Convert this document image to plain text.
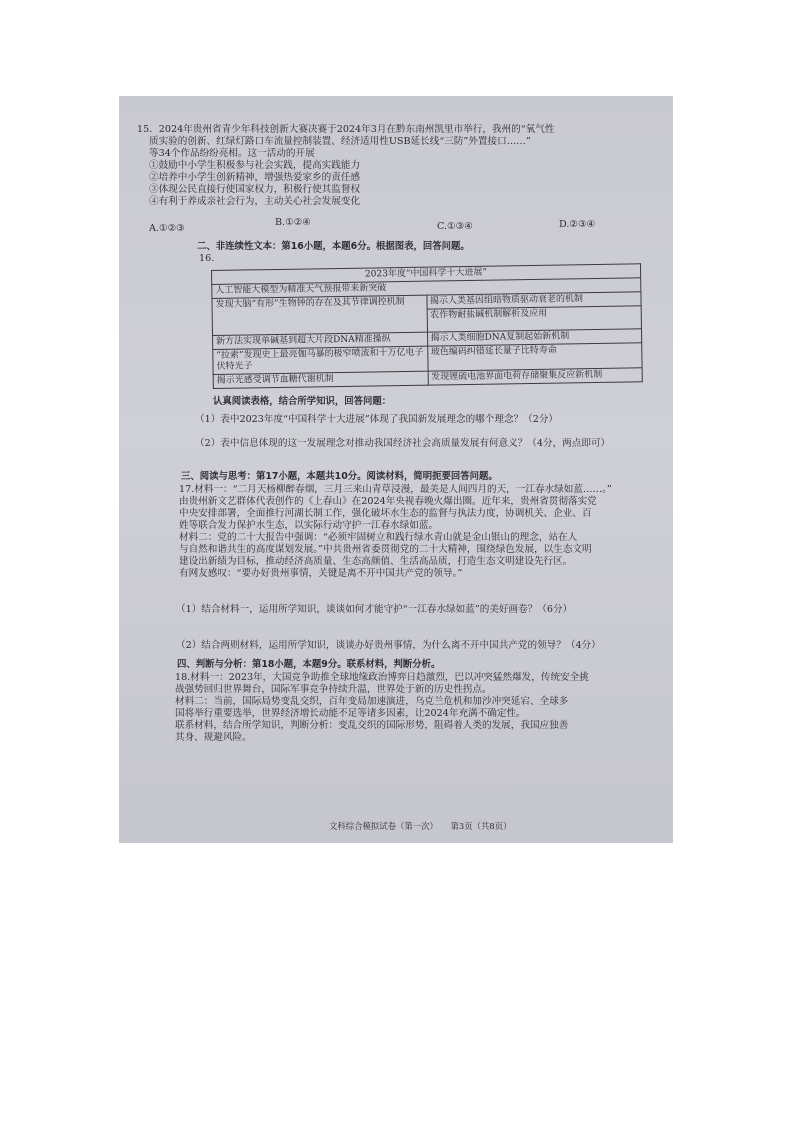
15．2024年贵州省青少年科技创新大赛决赛于2024年3月在黔东南州凯里市举行，我州的“氧气性
质实验的创新、红绿灯路口车流量控制装置、经济适用性USB延长线“三防”外置接口……”
等34个作品纷纷亮相。这一活动的开展
①鼓励中小学生积极参与社会实践，提高实践能力
②培养中小学生创新精神，增强热爱家乡的责任感
③体现公民直接行使国家权力，积极行使其监督权
④有利于养成亲社会行为，主动关心社会发展变化
A.①②③
B.①②④	C.①③④	D.②③④
二、非连续性文本：第16小题，本题6分。根据图表，回答问题。
16.
2023年度“中国科学十大进展”	
人工智能大模型为精准天气预报带来新突破	
发现大脑“有形”生物钟的存在及其节律调控机制	揭示人类基因组暗物质驱动衰老的机制
	农作物耐盐碱机制解析及应用
新方法实现单碱基到超大片段DNA精准操纵	揭示人类细胞DNA复制起始新机制
“拉索”发现史上最亮伽马暴的极窄喷流和十万亿电子伏特光子	玻色编码纠错延长量子比特寿命
揭示光感受调节血糖代谢机制	发现锂硫电池界面电荷存储聚集反应新机制
认真阅读表格，结合所学知识，回答问题：
（1）表中2023年度“中国科学十大进展”体现了我国新发展理念的哪个理念？（2分）
（2）表中信息体现的这一发展理念对推动我国经济社会高质量发展有何意义？（4分，两点即可）
三、阅读与思考：第17小题，本题共10分。阅读材料，简明扼要回答问题。
17.材料一：“二月天杨柳醉春烟，三月三来山青草浸漫，最美是人间四月的天，一江春水绿如蓝……。”
由贵州新文艺群体代表创作的《上春山》在2024年央视春晚火爆出圈。近年来，贵州省贯彻落实党
中央安排部署，全面推行河湖长制工作，强化破坏水生态的监督与执法力度，协调机关、企业、百
姓等联合发力保护水生态，以实际行动守护一江春水绿如蓝。
材料二：党的二十大报告中强调：“必须牢固树立和践行绿水青山就是金山银山的理念，站在人
与自然和谐共生的高度谋划发展。”中共贵州省委贯彻党的二十大精神，围绕绿色发展，以生态文明
建设出新绩为目标，推动经济高质量、生态高颜值、生活高品质，打造生态文明建设先行区。
有网友感叹：“要办好贵州事情，关键是离不开中国共产党的领导。”
（1）结合材料一，运用所学知识，谈谈如何才能守护“一江春水绿如蓝”的美好画卷？（6分）
（2）结合两则材料，运用所学知识，谈谈办好贵州事情，为什么离不开中国共产党的领导？（4分）
四、判断与分析：第18小题，本题9分。联系材料，判断分析。
18.材料一：2023年，大国竞争助推全球地缘政治博弈日趋激烈，巴以冲突猛然爆发，传统安全挑
战强势回归世界舞台，国际军事竞争持续升温，世界处于新的历史性拐点。
材料二：当前，国际局势变乱交织，百年变局加速演进，乌克兰危机和加沙冲突延宕、全球多
国将举行重要选举，世界经济增长动能不足等诸多因素，让2024年充满不确定性。
联系材料，结合所学知识，判断分析：变乱交织的国际形势，阻碍着人类的发展，我国应独善
其身、规避风险。
文科综合模拟试卷（第一次） 第3页（共8页）
